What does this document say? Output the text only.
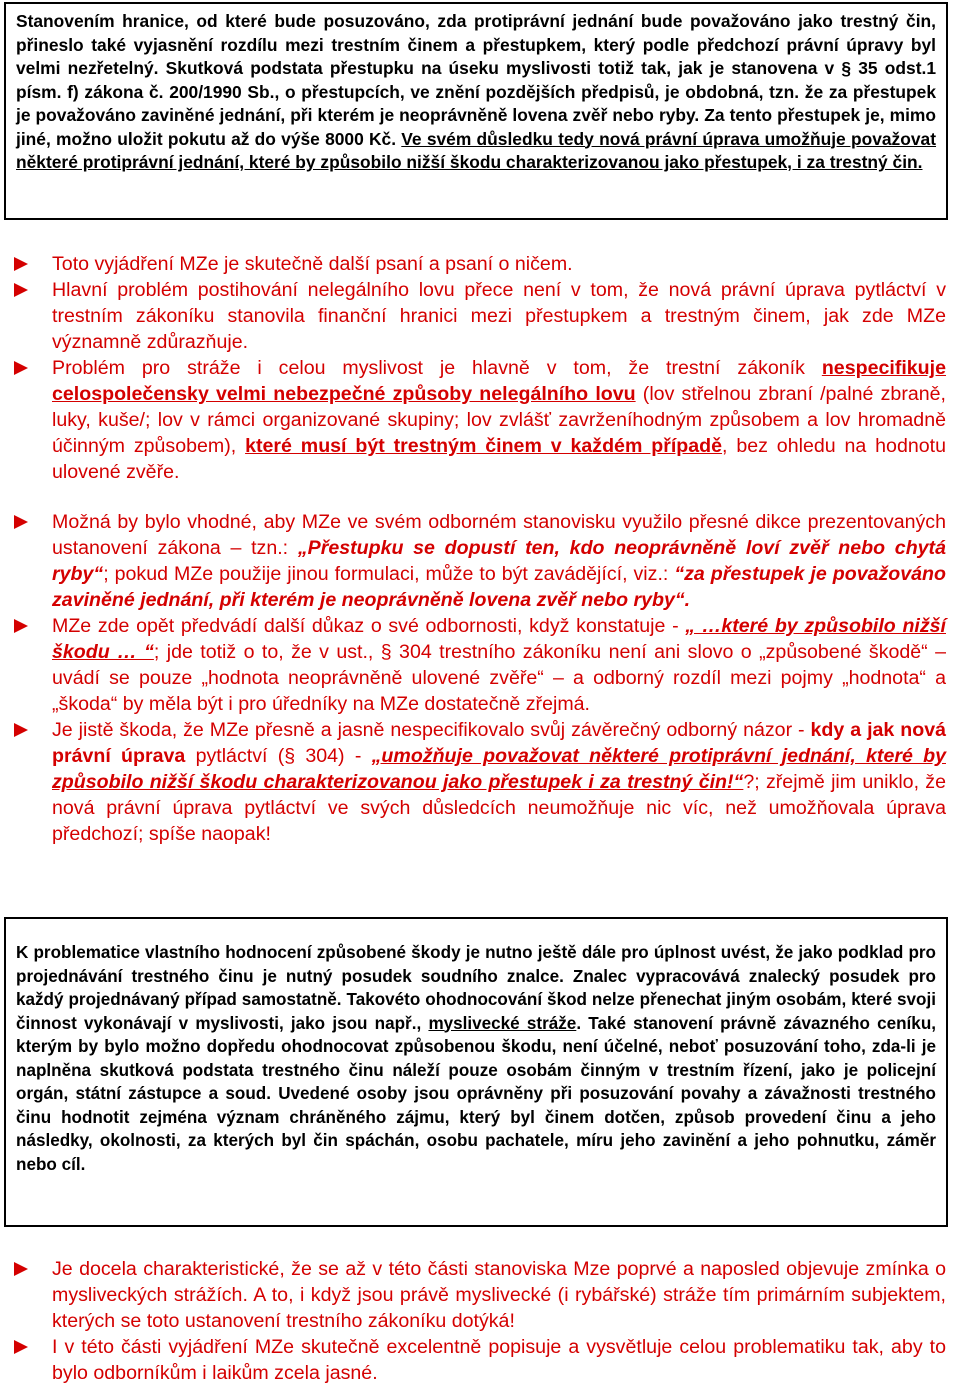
Stanovením hranice, od které bude posuzováno, zda protiprávní jednání bude považováno jako trestný čin, přineslo také vyjasnění rozdílu mezi trestním činem a přestupkem, který podle předchozí právní úpravy byl velmi nezřetelný. Skutková podstata přestupku na úseku myslivosti totiž tak, jak je stanovena v § 35 odst.1 písm. f) zákona č. 200/1990 Sb., o přestupcích, ve znění pozdějších předpisů, je obdobná, tzn. že za přestupek je považováno zaviněné jednání, při kterém je neoprávněně lovena zvěř nebo ryby. Za tento přestupek je, mimo jiné, možno uložit pokutu až do výše 8000 Kč. Ve svém důsledku tedy nová právní úprava umožňuje považovat některé protiprávní jednání, které by způsobilo nižší škodu charakterizovanou jako přestupek, i za trestný čin.
Toto vyjádření MZe je skutečně další psaní a psaní o ničem.
Hlavní problém postihování nelegálního lovu přece není v tom, že nová právní úprava pytláctví v trestním zákoníku stanovila finanční hranici mezi přestupkem a trestným činem, jak zde MZe významně zdůrazňuje.
Problém pro stráže i celou myslivost je hlavně v tom, že trestní zákoník nespecifikuje celospolečensky velmi nebezpečné způsoby nelegálního lovu (lov střelnou zbraní /palné zbraně, luky, kuše/; lov v rámci organizované skupiny; lov zvlášť zavrženíhodným způsobem a lov hromadně účinným způsobem), které musí být trestným činem v každém případě, bez ohledu na hodnotu ulovené zvěře.
Možná by bylo vhodné, aby MZe ve svém odborném stanovisku využilo přesné dikce prezentovaných ustanovení zákona – tzn.: „Přestupku se dopustí ten, kdo neoprávněně loví zvěř nebo chytá ryby“; pokud MZe použije jinou formulaci, může to být zavádějící, viz.: “za přestupek je považováno zaviněné jednání, při kterém je neoprávněně lovena zvěř nebo ryby“.
MZe zde opět předvádí další důkaz o své odbornosti, když konstatuje - „ …které by způsobilo nižší škodu … “; jde totiž o to, že v ust., § 304 trestního zákoníku není ani slovo o „způsobené škodě“ – uvádí se pouze „hodnota neoprávněně ulovené zvěře“ – a odborný rozdíl mezi pojmy „hodnota“ a „škoda“ by měla být i pro úředníky na MZe dostatečně zřejmá.
Je jistě škoda, že MZe přesně a jasně nespecifikovalo svůj závěrečný odborný názor - kdy a jak nová právní úprava pytláctví (§ 304) - „umožňuje považovat některé protiprávní jednání, které by způsobilo nižší škodu charakterizovanou jako přestupek i za trestný čin!“?; zřejmě jim uniklo, že nová právní úprava pytláctví ve svých důsledcích neumožňuje nic víc, než umožňovala úprava předchozí; spíše naopak!
K problematice vlastního hodnocení způsobené škody je nutno ještě dále pro úplnost uvést, že jako podklad pro projednávání trestného činu je nutný posudek soudního znalce. Znalec vypracovává znalecký posudek pro každý projednávaný případ samostatně. Takovéto ohodnocování škod nelze přenechat jiným osobám, které svoji činnost vykonávají v myslivosti, jako jsou např., myslivecké stráže. Také stanovení právně závazného ceníku, kterým by bylo možno dopředu ohodnocovat způsobenou škodu, není účelné, neboť posuzování toho, zda-li je naplněna skutková podstata trestného činu náleží pouze osobám činným v trestním řízení, jako je policejní orgán, státní zástupce a soud. Uvedené osoby jsou oprávněny při posuzování povahy a závažnosti trestného činu hodnotit zejména význam chráněného zájmu, který byl činem dotčen, způsob provedení činu a jeho následky, okolnosti, za kterých byl čin spáchán, osobu pachatele, míru jeho zavinění a jeho pohnutku, záměr nebo cíl.
Je docela charakteristické, že se až v této části stanoviska Mze poprvé a naposled objevuje zmínka o mysliveckých strážích. A to, i když jsou právě myslivecké (i rybářské) stráže tím primárním subjektem, kterých se toto ustanovení trestního zákoníku dotýká!
I v této části vyjádření MZe skutečně excelentně popisuje a vysvětluje celou problematiku tak, aby to bylo odborníkům i laikům zcela jasné.
